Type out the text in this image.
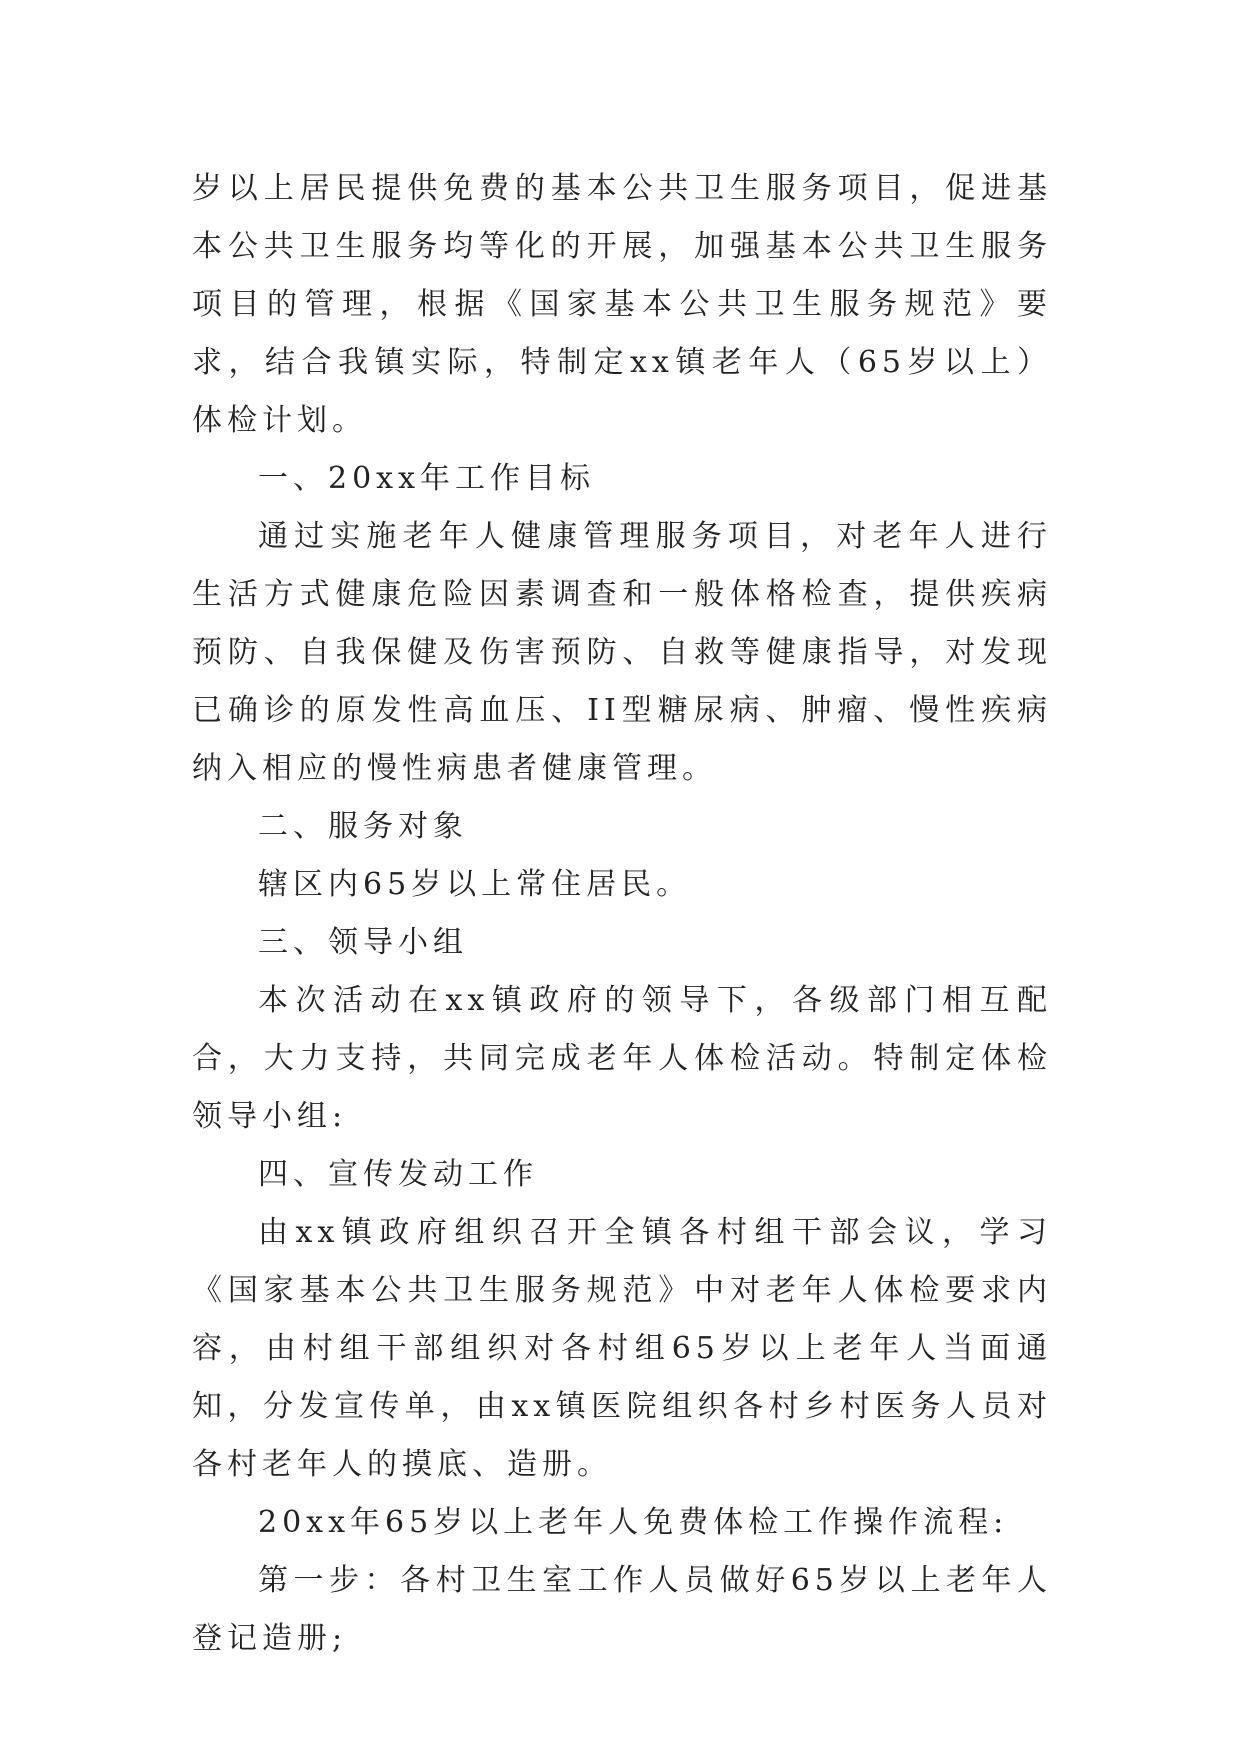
岁以上居民提供免费的基本公共卫生服务项目，促进基本公共卫生服务均等化的开展，加强基本公共卫生服务项目的管理，根据《国家基本公共卫生服务规范》要求，结合我镇实际，特制定xx镇老年人（65岁以上）体检计划。

一、20xx年工作目标

通过实施老年人健康管理服务项目，对老年人进行生活方式健康危险因素调查和一般体格检查，提供疾病预防、自我保健及伤害预防、自救等健康指导，对发现已确诊的原发性高血压、II型糖尿病、肿瘤、慢性疾病纳入相应的慢性病患者健康管理。

二、服务对象

辖区内65岁以上常住居民。

三、领导小组

本次活动在xx镇政府的领导下，各级部门相互配合，大力支持，共同完成老年人体检活动。特制定体检领导小组:

四、宣传发动工作

由xx镇政府组织召开全镇各村组干部会议，学习《国家基本公共卫生服务规范》中对老年人体检要求内容，由村组干部组织对各村组65岁以上老年人当面通知，分发宣传单，由xx镇医院组织各村乡村医务人员对各村老年人的摸底、造册。

20xx年65岁以上老年人免费体检工作操作流程:

第一步：各村卫生室工作人员做好65岁以上老年人登记造册;
